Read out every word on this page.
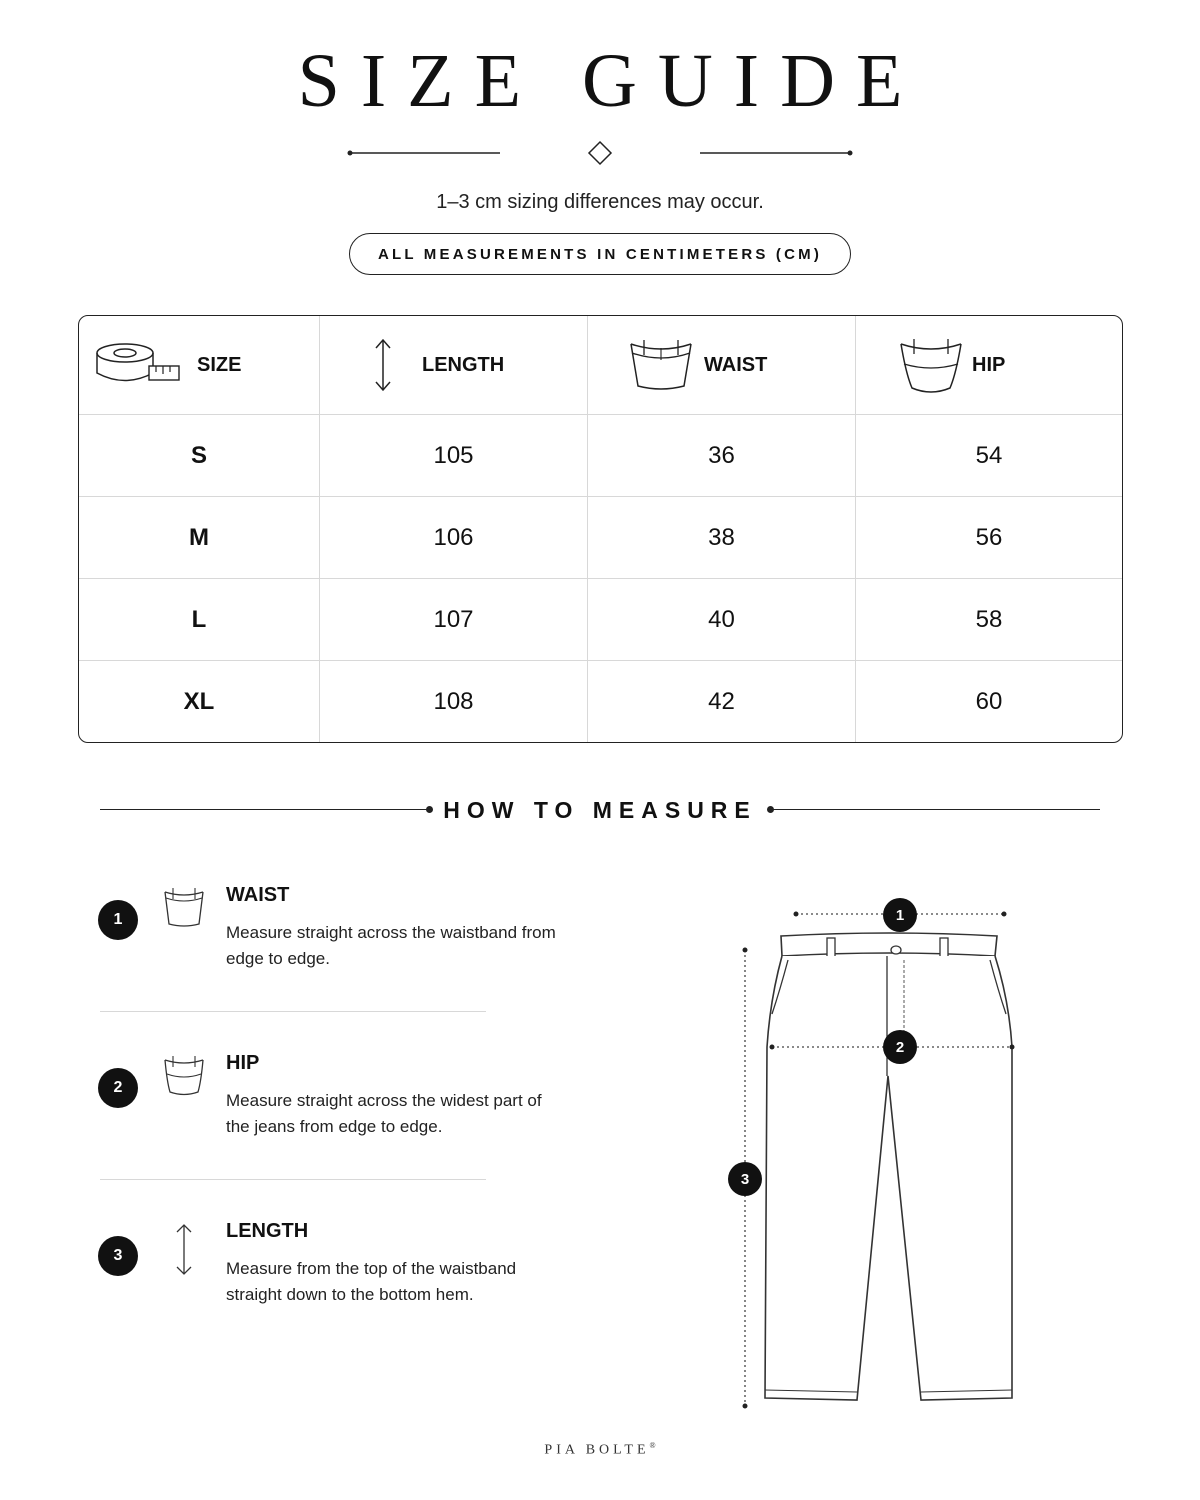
SIZE GUIDE
1–3 cm sizing differences may occur.
ALL MEASUREMENTS IN CENTIMETERS (CM)
SIZE	LENGTH	WAIST	HIP
S	105	36	54
M	106	38	56
L	107	40	58
XL	108	42	60
HOW TO MEASURE
1
WAIST
Measure straight across the waistband from edge to edge.
2
HIP
Measure straight across the widest part of the jeans from edge to edge.
3
LENGTH
Measure from the top of the waistband straight down to the bottom hem.
1
2
3
PIA BOLTE®
